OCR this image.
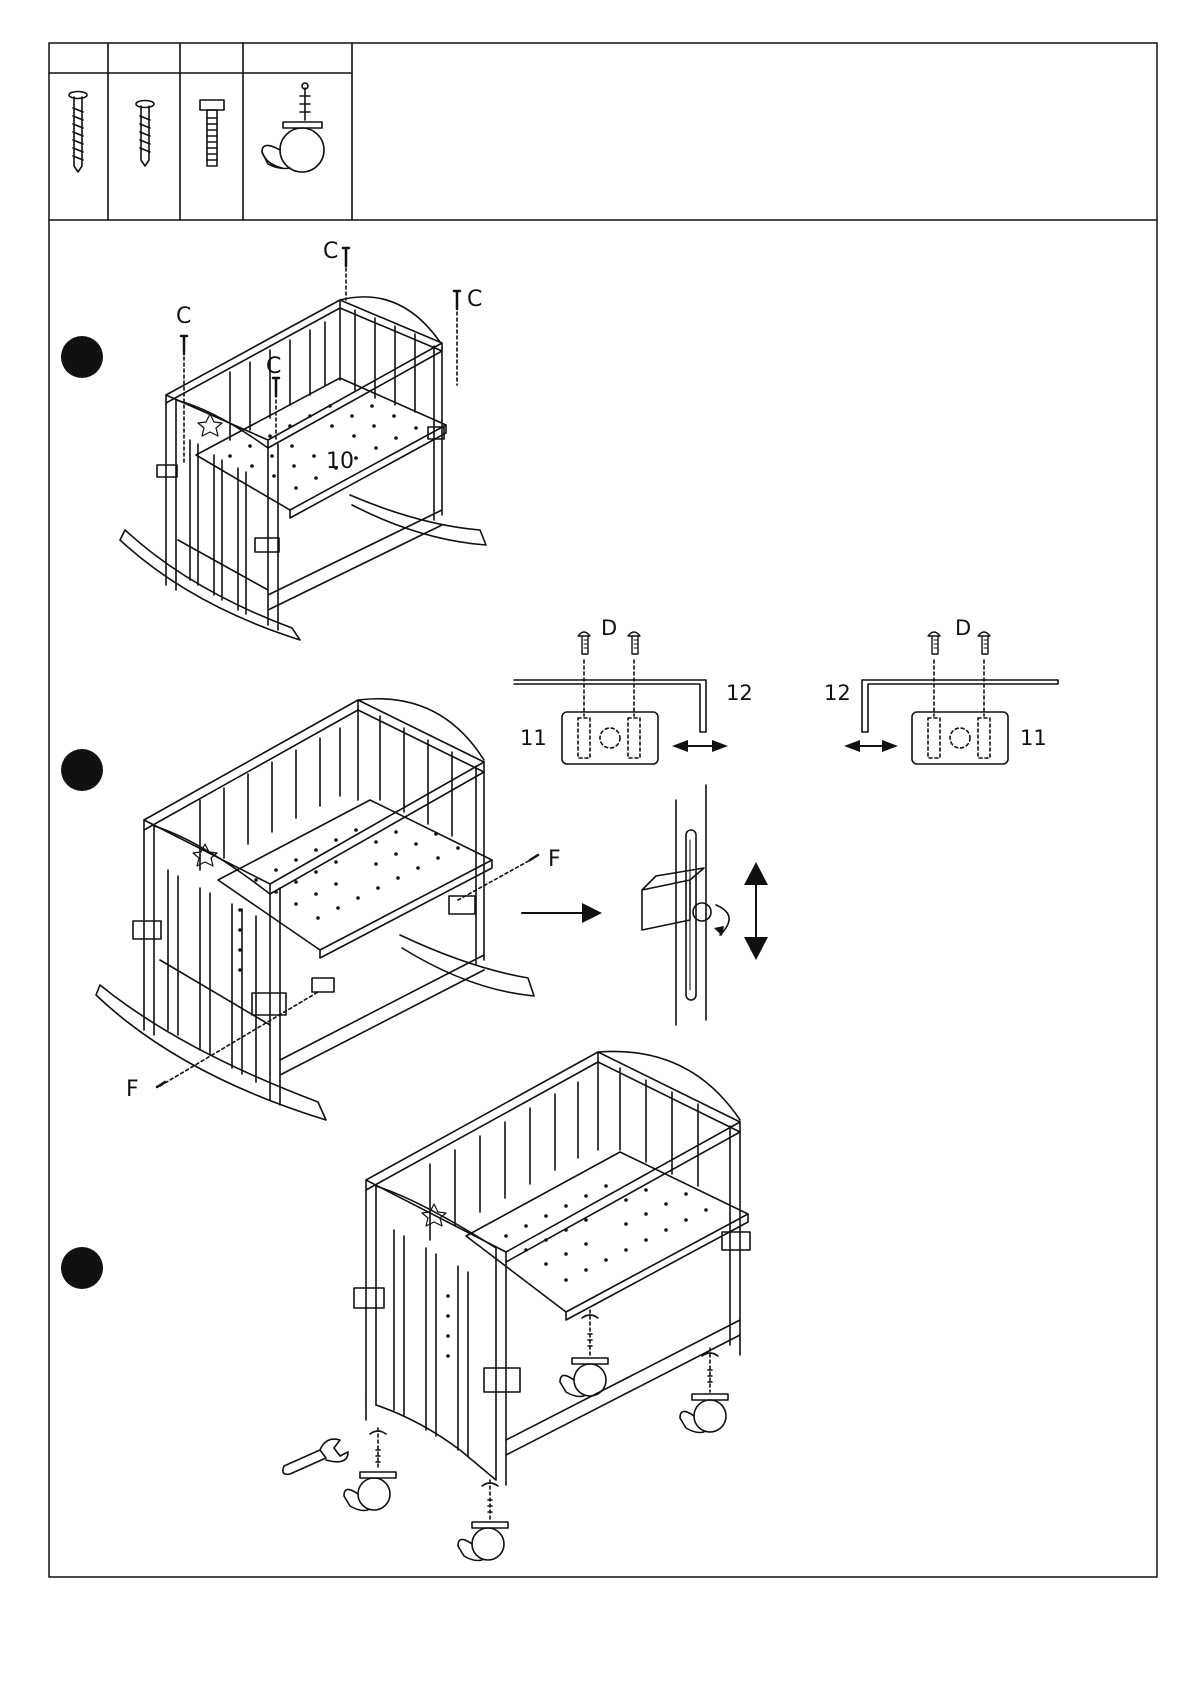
C
C
C
C
10
F
F
D
12
11
D
12
11
